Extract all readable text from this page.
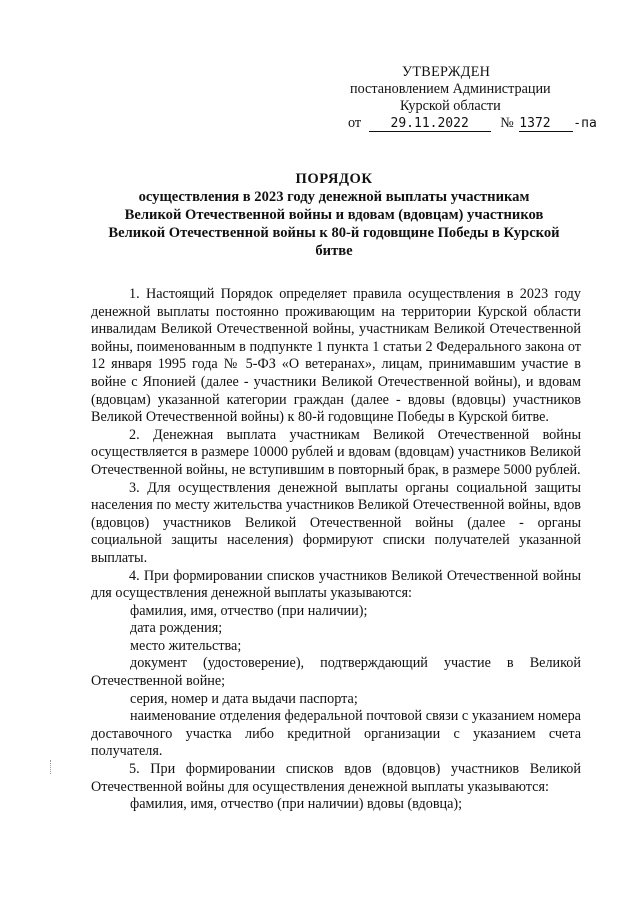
УТВЕРЖДЕН
постановлением Администрации
Курской области
от 29.11.2022 № 1372 -па
ПОРЯДОК
осуществления в 2023 году денежной выплаты участникам
Великой Отечественной войны и вдовам (вдовцам) участников
Великой Отечественной войны к 80-й годовщине Победы в Курской
битве

1. Настоящий Порядок определяет правила осуществления в 2023 году денежной выплаты постоянно проживающим на территории Курской области инвалидам Великой Отечественной войны, участникам Великой Отечественной войны, поименованным в подпункте 1 пункта 1 статьи 2 Федерального закона от 12 января 1995 года № 5-ФЗ «О ветеранах», лицам, принимавшим участие в войне с Японией (далее - участники Великой Отечественной войны), и вдовам (вдовцам) указанной категории граждан (далее - вдовы (вдовцы) участников Великой Отечественной войны) к 80-й годовщине Победы в Курской битве.

2. Денежная выплата участникам Великой Отечественной войны осуществляется в размере 10000 рублей и вдовам (вдовцам) участников Великой Отечественной войны, не вступившим в повторный брак, в размере 5000 рублей.

3. Для осуществления денежной выплаты органы социальной защиты населения по месту жительства участников Великой Отечественной войны, вдов (вдовцов) участников Великой Отечественной войны (далее - органы социальной защиты населения) формируют списки получателей указанной выплаты.

4. При формировании списков участников Великой Отечественной войны для осуществления денежной выплаты указываются:

фамилия, имя, отчество (при наличии);

дата рождения;

место жительства;

документ (удостоверение), подтверждающий участие в Великой Отечественной войне;

серия, номер и дата выдачи паспорта;

наименование отделения федеральной почтовой связи с указанием номера доставочного участка либо кредитной организации с указанием счета получателя.

5. При формировании списков вдов (вдовцов) участников Великой Отечественной войны для осуществления денежной выплаты указываются:

фамилия, имя, отчество (при наличии) вдовы (вдовца);
